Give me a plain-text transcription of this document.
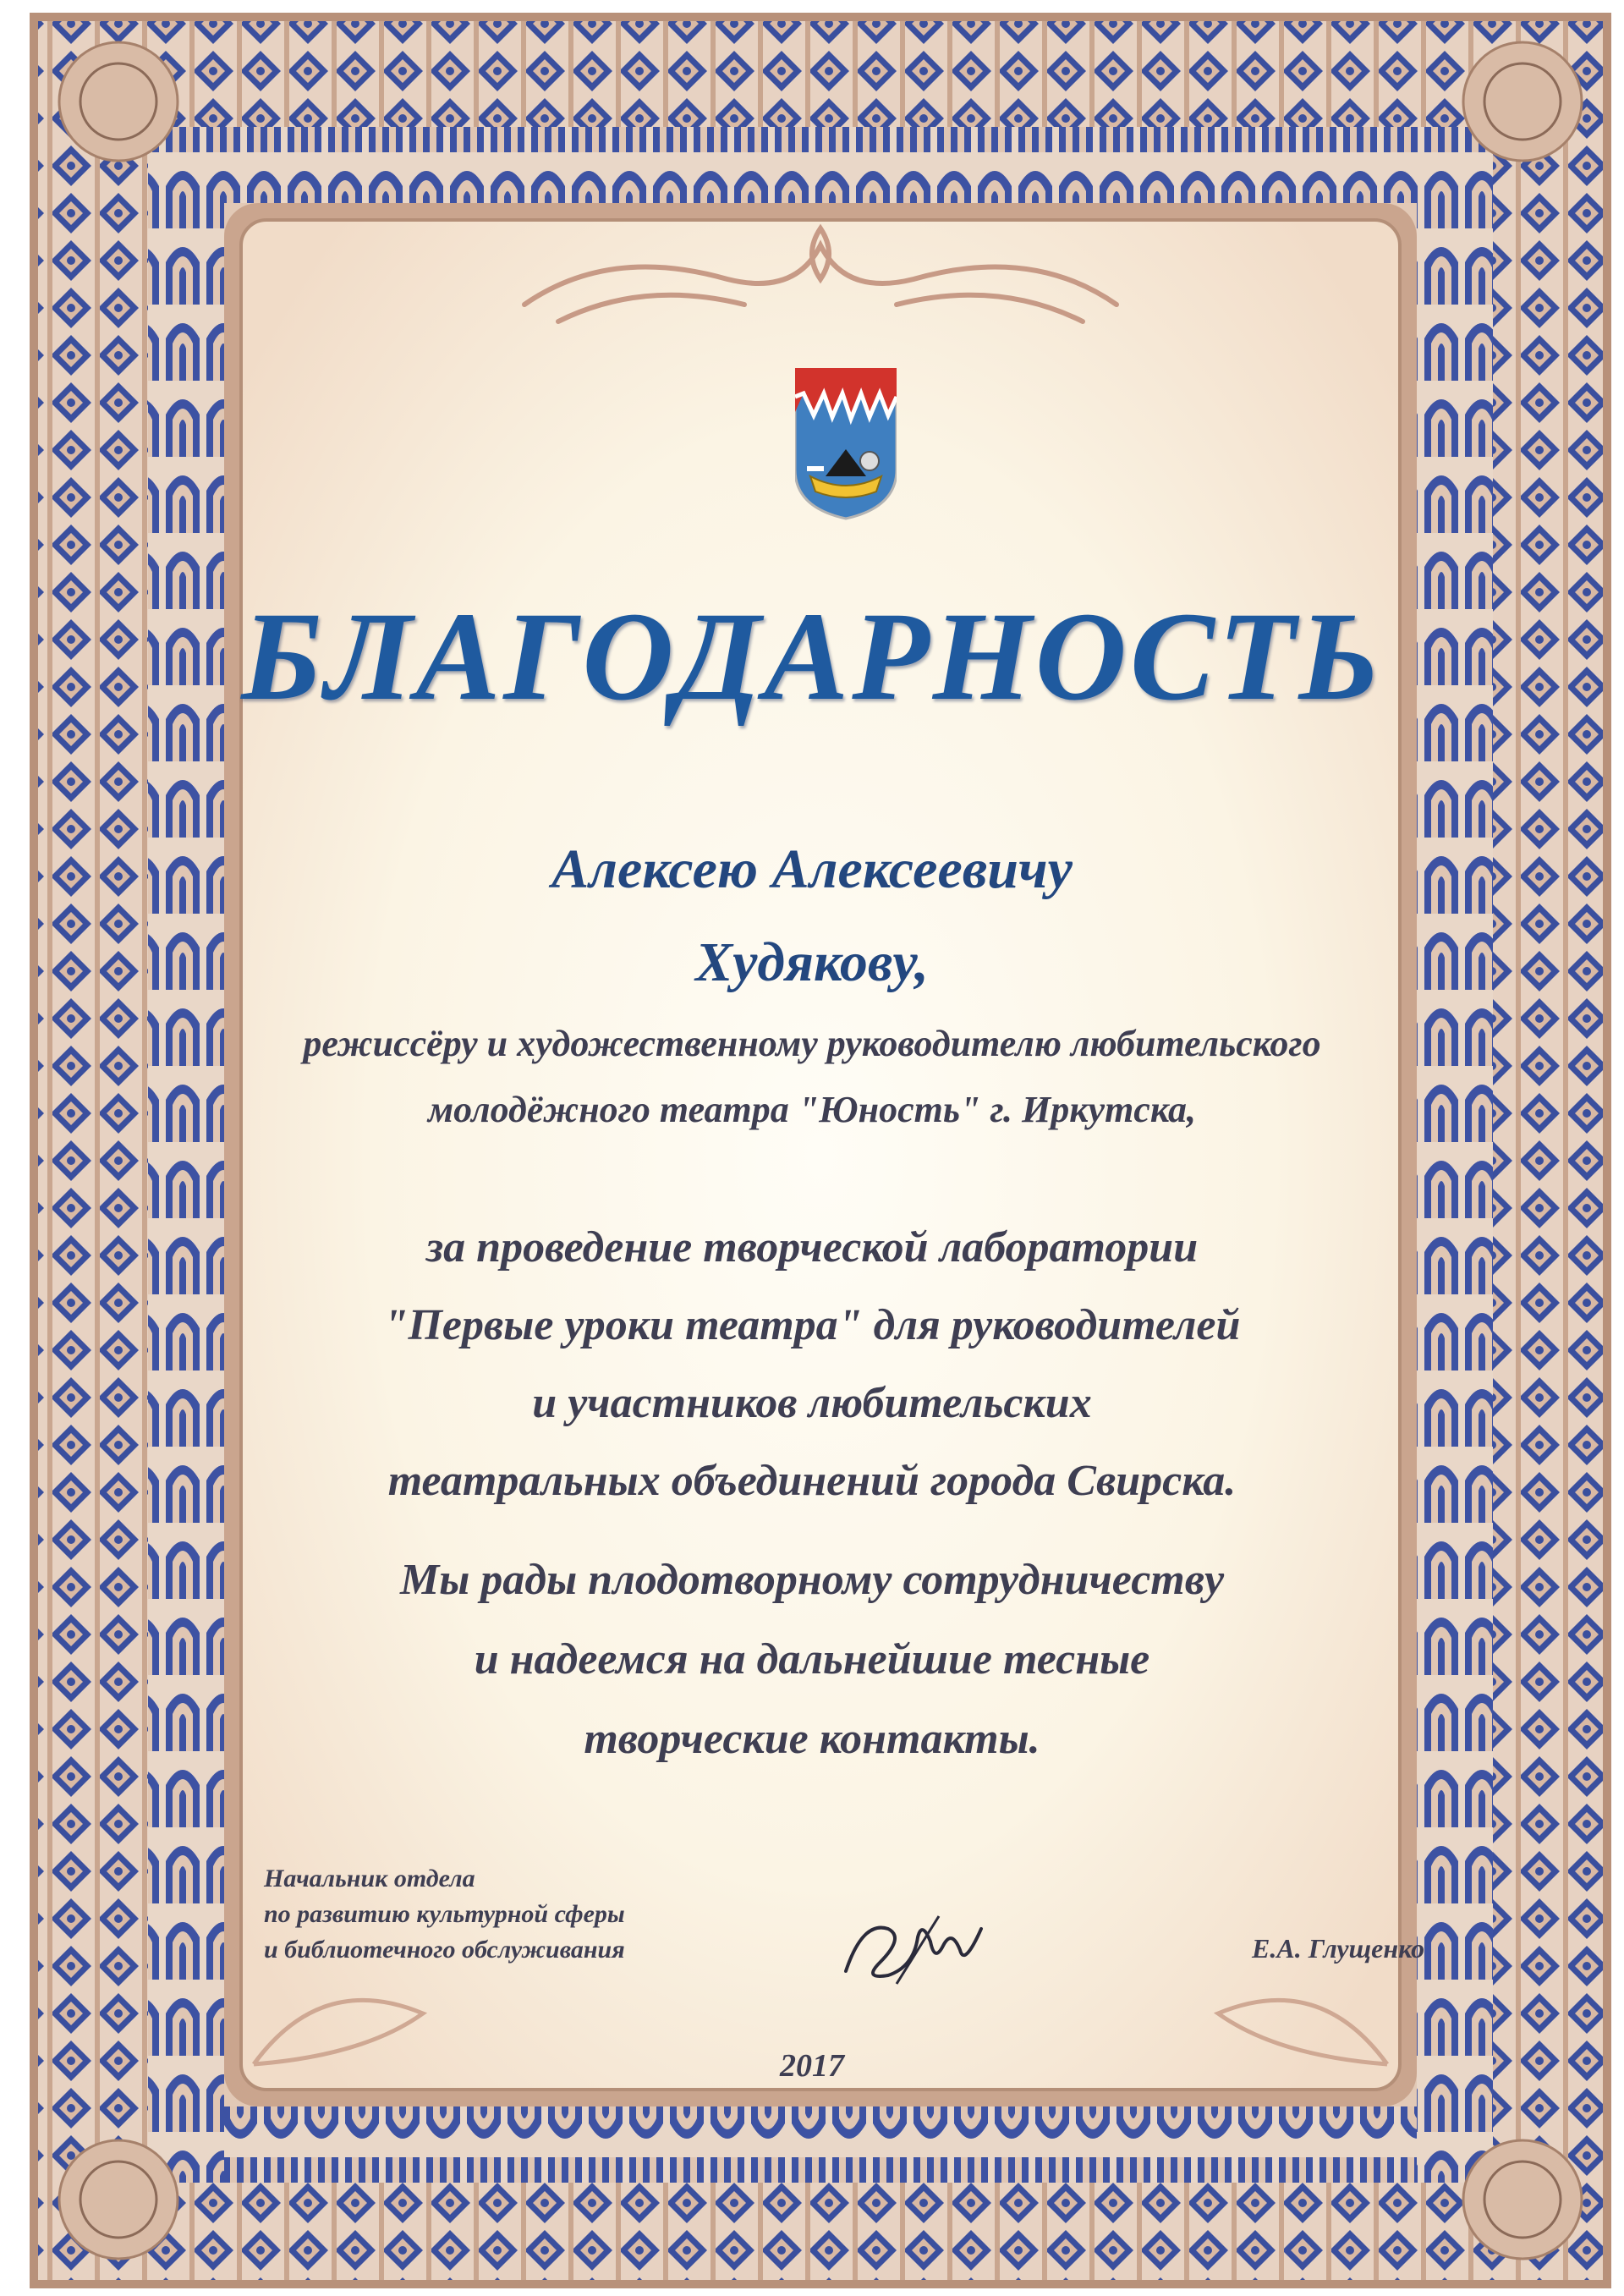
БЛАГОДАРНОСТЬ
Алексею Алексеевичу
Худякову,
режиссёру и художественному руководителю любительского
молодёжного театра "Юность" г. Иркутска,
за проведение творческой лаборатории
"Первые уроки театра" для руководителей
и участников любительских
театральных объединений города Свирска.
Мы рады плодотворному сотрудничеству
и надеемся на дальнейшие тесные
творческие контакты.
Начальник отдела
по развитию культурной сферы
и библиотечного обслуживания	Е.А. Глущенко
2017
